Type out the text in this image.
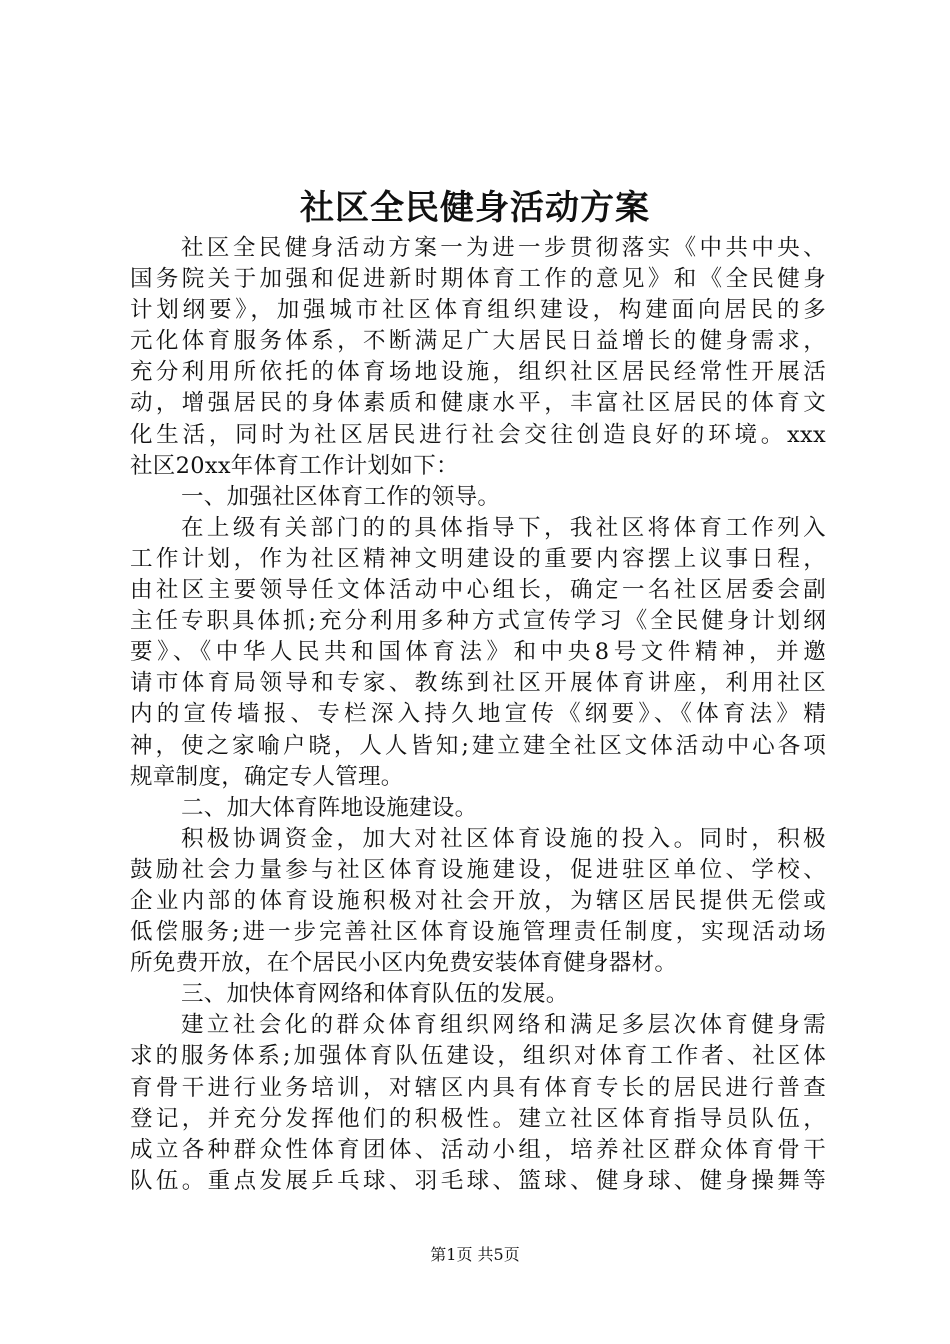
社区全民健身活动方案
社区全民健身活动方案一为进一步贯彻落实《中共中央、
国务院关于加强和促进新时期体育工作的意见》和《全民健身
计划纲要》，加强城市社区体育组织建设，构建面向居民的多
元化体育服务体系，不断满足广大居民日益增长的健身需求，
充分利用所依托的体育场地设施，组织社区居民经常性开展活
动，增强居民的身体素质和健康水平，丰富社区居民的体育文
化生活，同时为社区居民进行社会交往创造良好的环境。xxx
社区20xx年体育工作计划如下：
一、加强社区体育工作的领导。
在上级有关部门的的具体指导下，我社区将体育工作列入
工作计划，作为社区精神文明建设的重要内容摆上议事日程，
由社区主要领导任文体活动中心组长，确定一名社区居委会副
主任专职具体抓;充分利用多种方式宣传学习《全民健身计划纲
要》、《中华人民共和国体育法》和中央8号文件精神，并邀
请市体育局领导和专家、教练到社区开展体育讲座，利用社区
内的宣传墙报、专栏深入持久地宣传《纲要》、《体育法》精
神，使之家喻户晓，人人皆知;建立建全社区文体活动中心各项
规章制度，确定专人管理。
二、加大体育阵地设施建设。
积极协调资金，加大对社区体育设施的投入。同时，积极
鼓励社会力量参与社区体育设施建设，促进驻区单位、学校、
企业内部的体育设施积极对社会开放，为辖区居民提供无偿或
低偿服务;进一步完善社区体育设施管理责任制度，实现活动场
所免费开放，在个居民小区内免费安装体育健身器材。
三、加快体育网络和体育队伍的发展。
建立社会化的群众体育组织网络和满足多层次体育健身需
求的服务体系;加强体育队伍建设，组织对体育工作者、社区体
育骨干进行业务培训，对辖区内具有体育专长的居民进行普查
登记，并充分发挥他们的积极性。建立社区体育指导员队伍，
成立各种群众性体育团体、活动小组，培养社区群众体育骨干
队伍。重点发展乒乓球、羽毛球、篮球、健身球、健身操舞等
第1页 共5页
